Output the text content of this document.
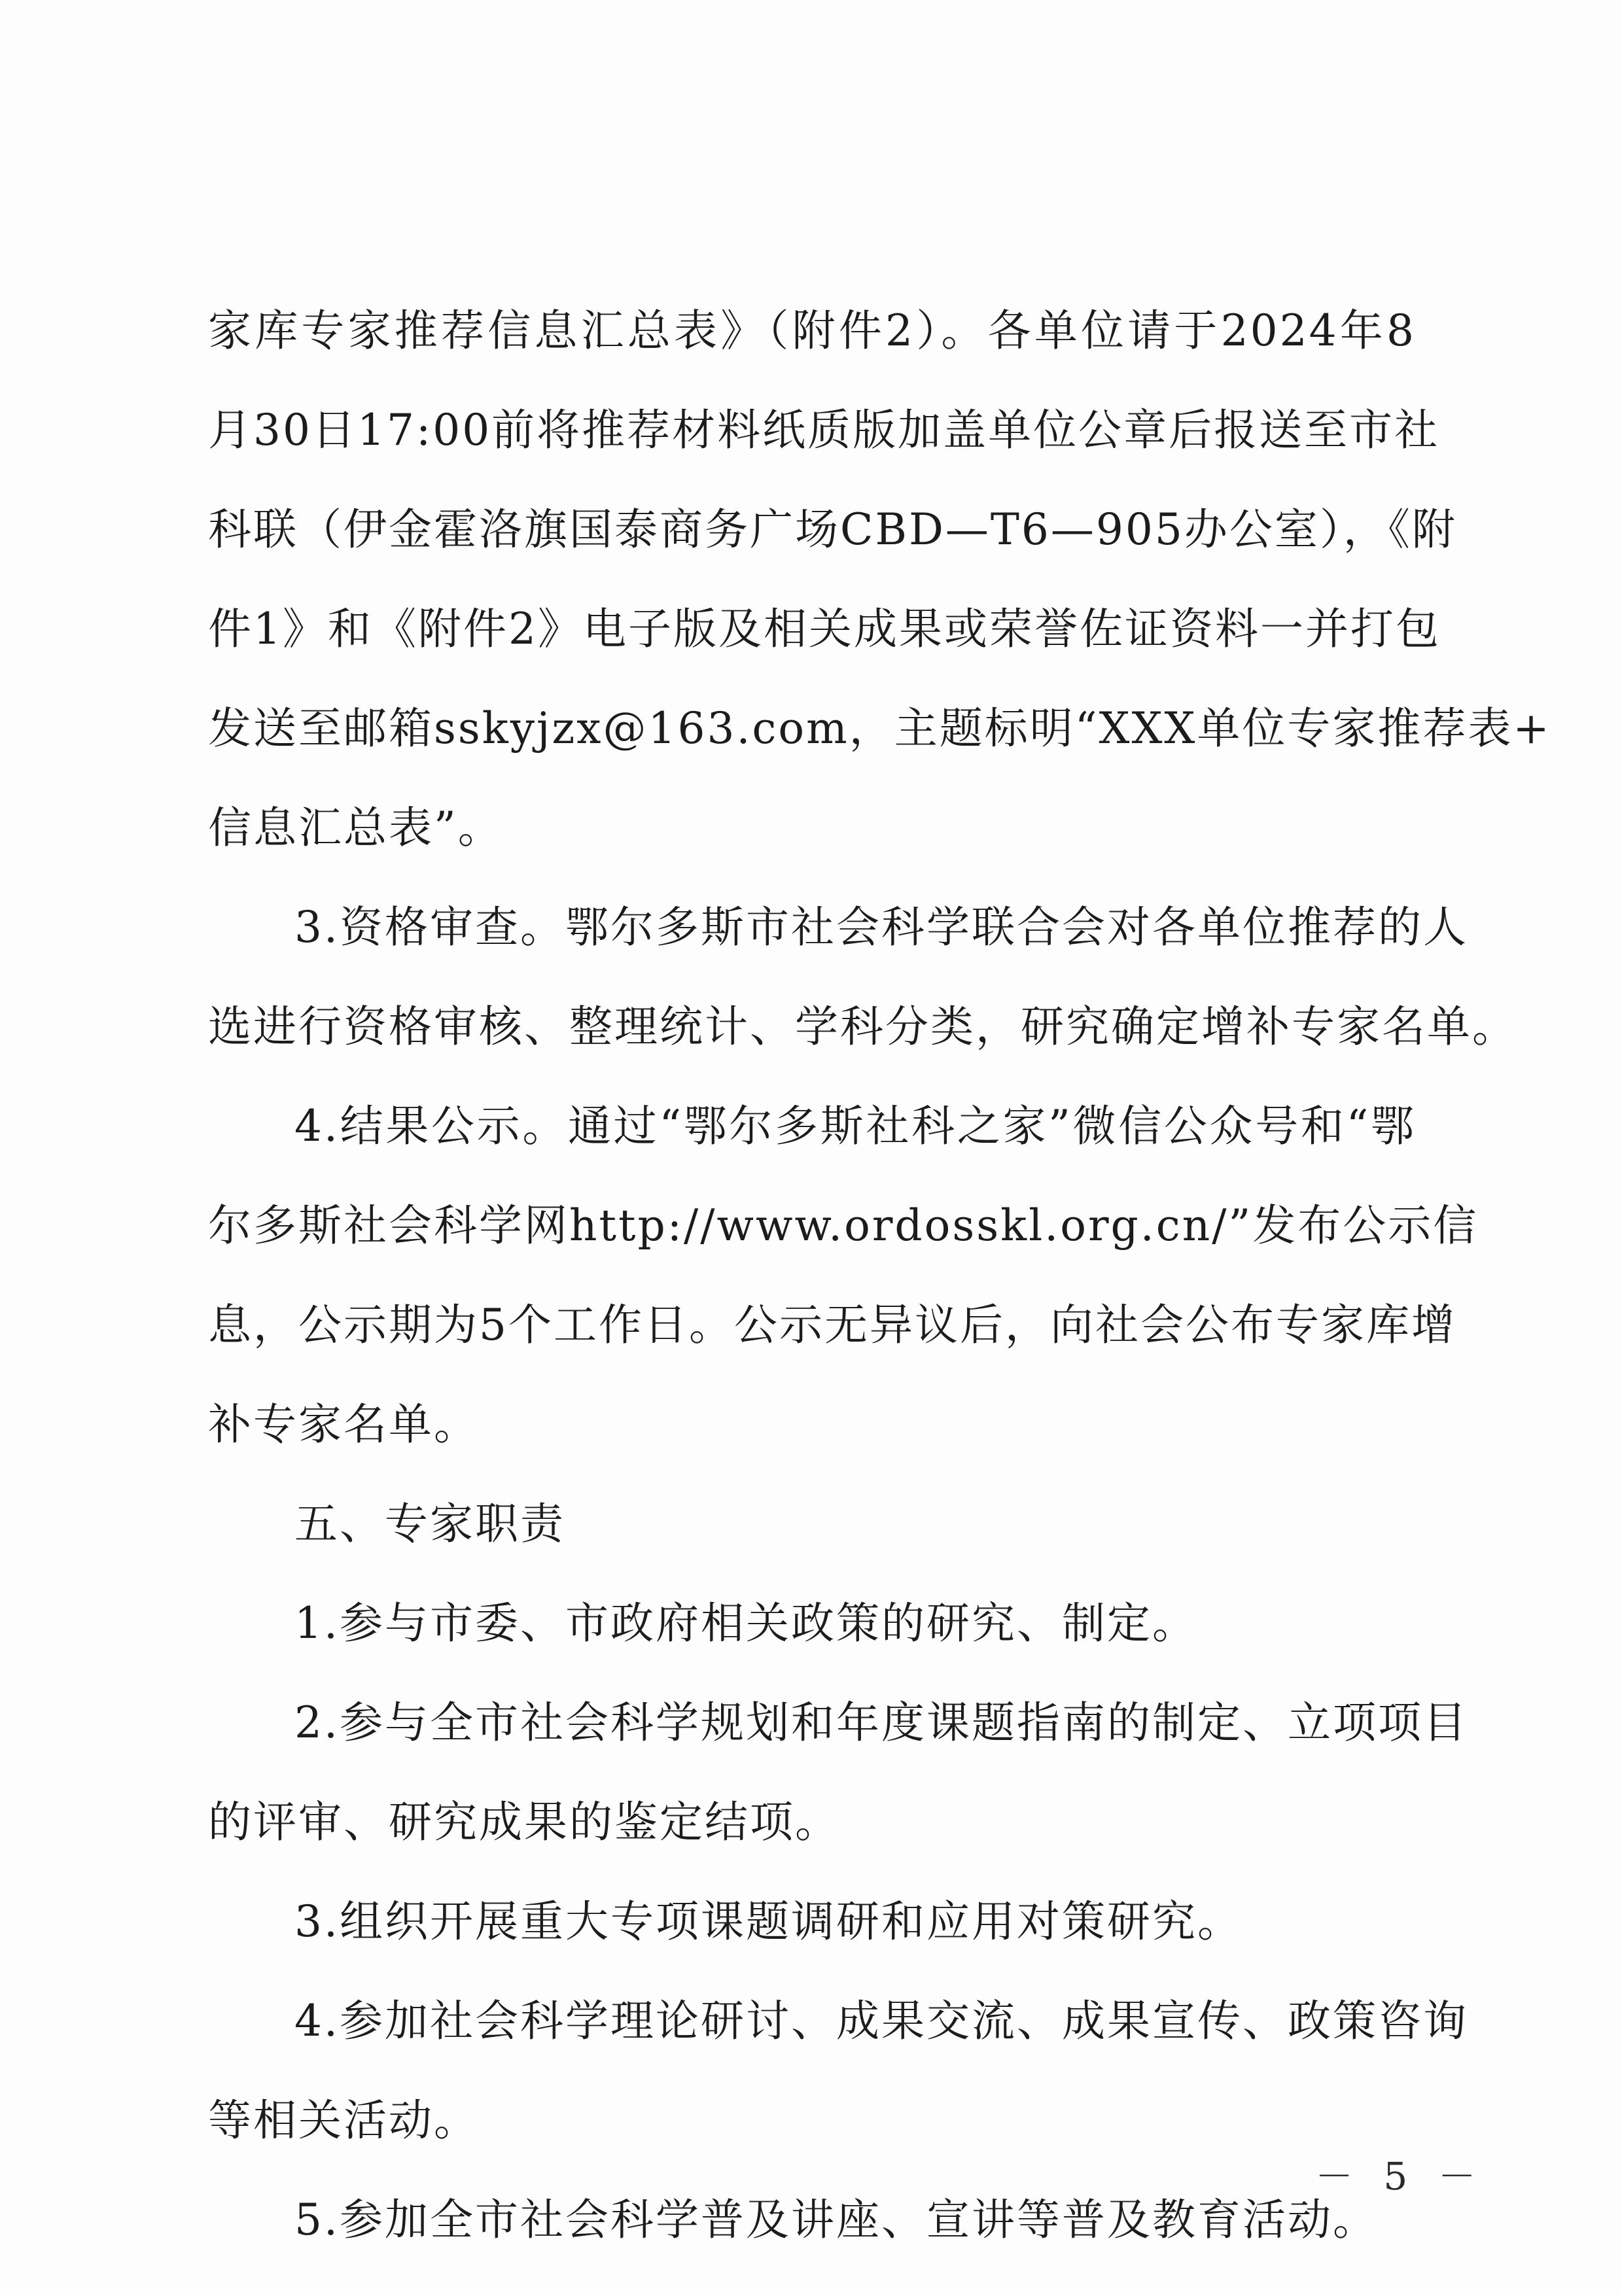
家库专家推荐信息汇总表》（附件2）。各单位请于2024年8
月30日17:00前将推荐材料纸质版加盖单位公章后报送至市社
科联（伊金霍洛旗国泰商务广场CBD—T6—905办公室），《附
件1》和《附件2》电子版及相关成果或荣誉佐证资料一并打包
发送至邮箱sskyjzx@163.com，主题标明“XXX单位专家推荐表+
信息汇总表”。
3.资格审查。鄂尔多斯市社会科学联合会对各单位推荐的人
选进行资格审核、整理统计、学科分类，研究确定增补专家名单。
4.结果公示。通过“鄂尔多斯社科之家”微信公众号和“鄂
尔多斯社会科学网http://www.ordosskl.org.cn/”发布公示信
息，公示期为5个工作日。公示无异议后，向社会公布专家库增
补专家名单。
五、专家职责
1.参与市委、市政府相关政策的研究、制定。
2.参与全市社会科学规划和年度课题指南的制定、立项项目
的评审、研究成果的鉴定结项。
3.组织开展重大专项课题调研和应用对策研究。
4.参加社会科学理论研讨、成果交流、成果宣传、政策咨询
等相关活动。
5.参加全市社会科学普及讲座、宣讲等普及教育活动。
－ 5 －
